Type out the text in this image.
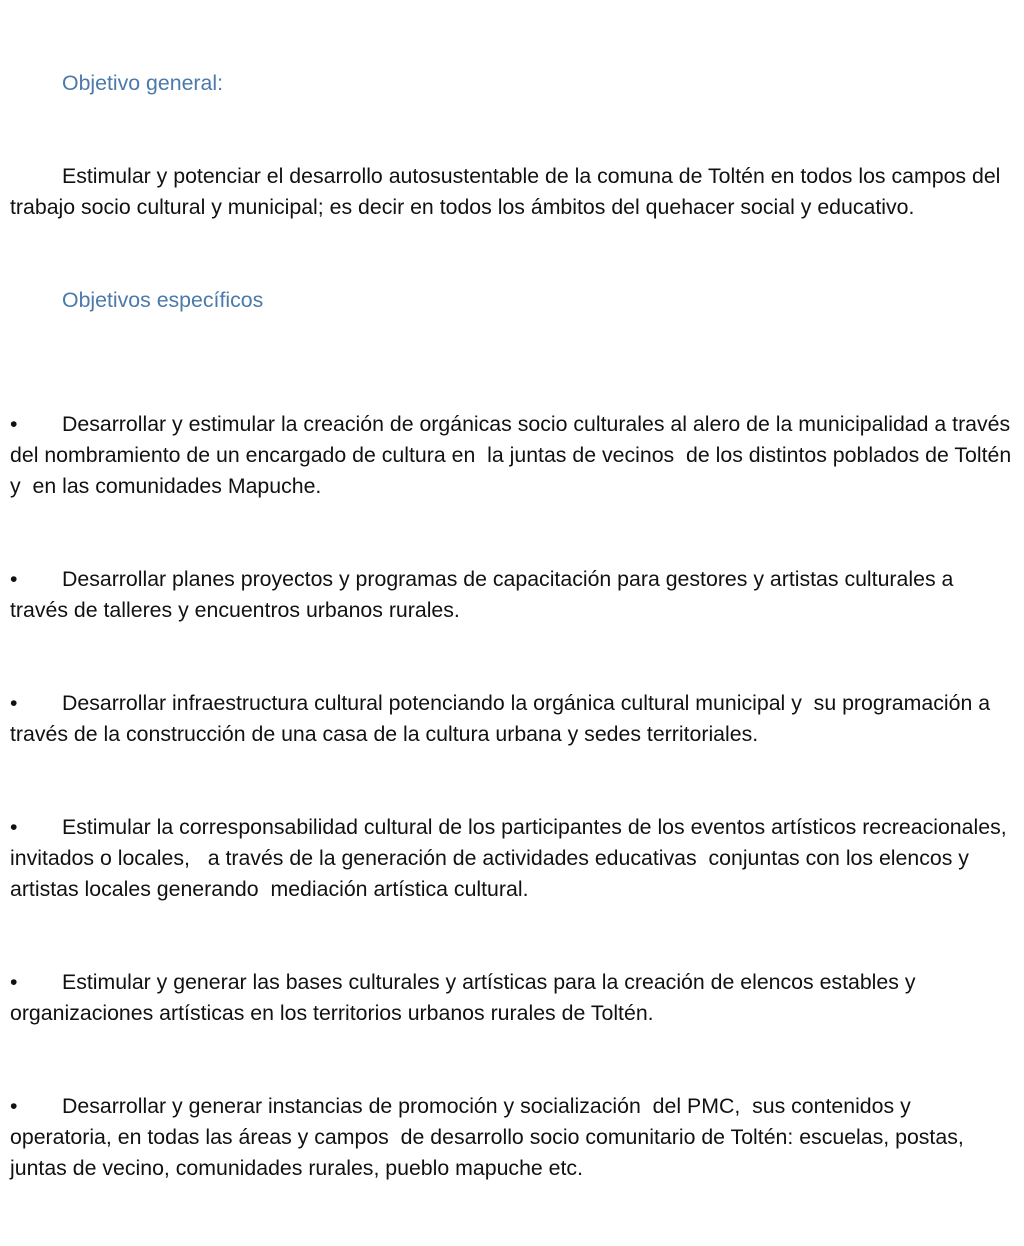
Objetivo general:

Estimular y potenciar el desarrollo autosustentable de la comuna de Toltén en todos los campos del trabajo socio cultural y municipal; es decir en todos los ámbitos del quehacer social y educativo.

Objetivos específicos

• Desarrollar y estimular la creación de orgánicas socio culturales al alero de la municipalidad a través del nombramiento de un encargado de cultura en  la juntas de vecinos  de los distintos poblados de Toltén y  en las comunidades Mapuche.

• Desarrollar planes proyectos y programas de capacitación para gestores y artistas culturales a través de talleres y encuentros urbanos rurales.

• Desarrollar infraestructura cultural potenciando la orgánica cultural municipal y  su programación a través de la construcción de una casa de la cultura urbana y sedes territoriales.

• Estimular la corresponsabilidad cultural de los participantes de los eventos artísticos recreacionales, invitados o locales,   a través de la generación de actividades educativas  conjuntas con los elencos y artistas locales generando  mediación artística cultural.

• Estimular y generar las bases culturales y artísticas para la creación de elencos estables y organizaciones artísticas en los territorios urbanos rurales de Toltén.

• Desarrollar y generar instancias de promoción y socialización  del PMC,  sus contenidos y operatoria, en todas las áreas y campos  de desarrollo socio comunitario de Toltén: escuelas, postas, juntas de vecino, comunidades rurales, pueblo mapuche etc.
